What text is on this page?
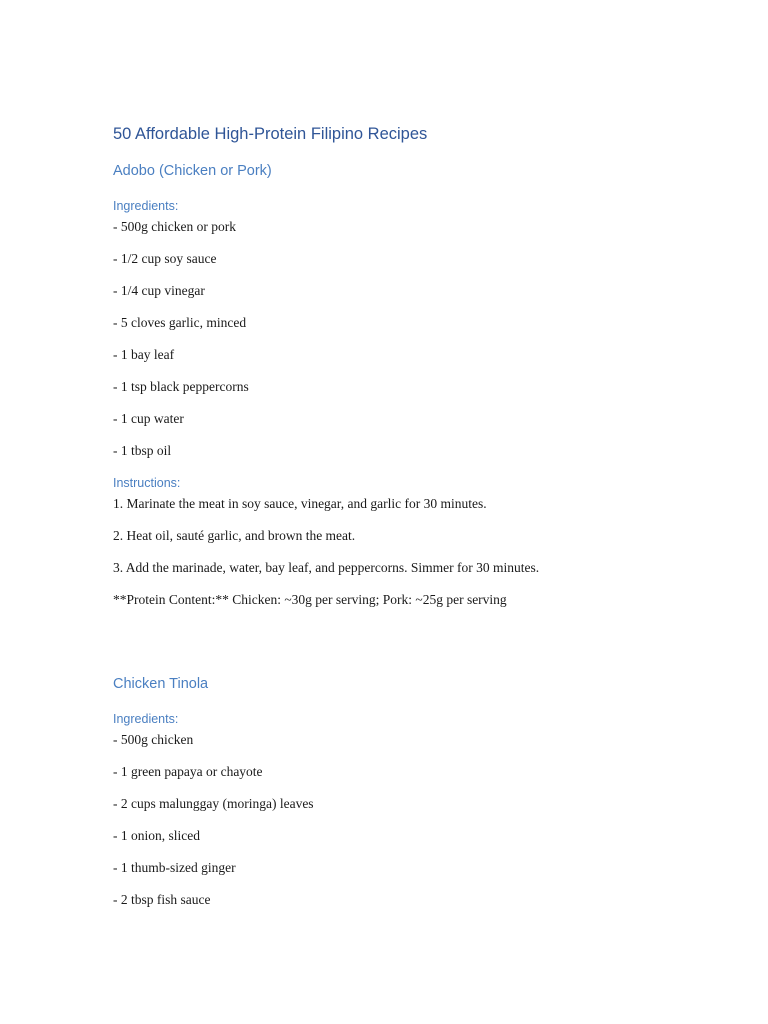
50 Affordable High-Protein Filipino Recipes
Adobo (Chicken or Pork)
Ingredients:
- 500g chicken or pork
- 1/2 cup soy sauce
- 1/4 cup vinegar
- 5 cloves garlic, minced
- 1 bay leaf
- 1 tsp black peppercorns
- 1 cup water
- 1 tbsp oil
Instructions:
1. Marinate the meat in soy sauce, vinegar, and garlic for 30 minutes.
2. Heat oil, sauté garlic, and brown the meat.
3. Add the marinade, water, bay leaf, and peppercorns. Simmer for 30 minutes.
**Protein Content:** Chicken: ~30g per serving; Pork: ~25g per serving
Chicken Tinola
Ingredients:
- 500g chicken
- 1 green papaya or chayote
- 2 cups malunggay (moringa) leaves
- 1 onion, sliced
- 1 thumb-sized ginger
- 2 tbsp fish sauce
